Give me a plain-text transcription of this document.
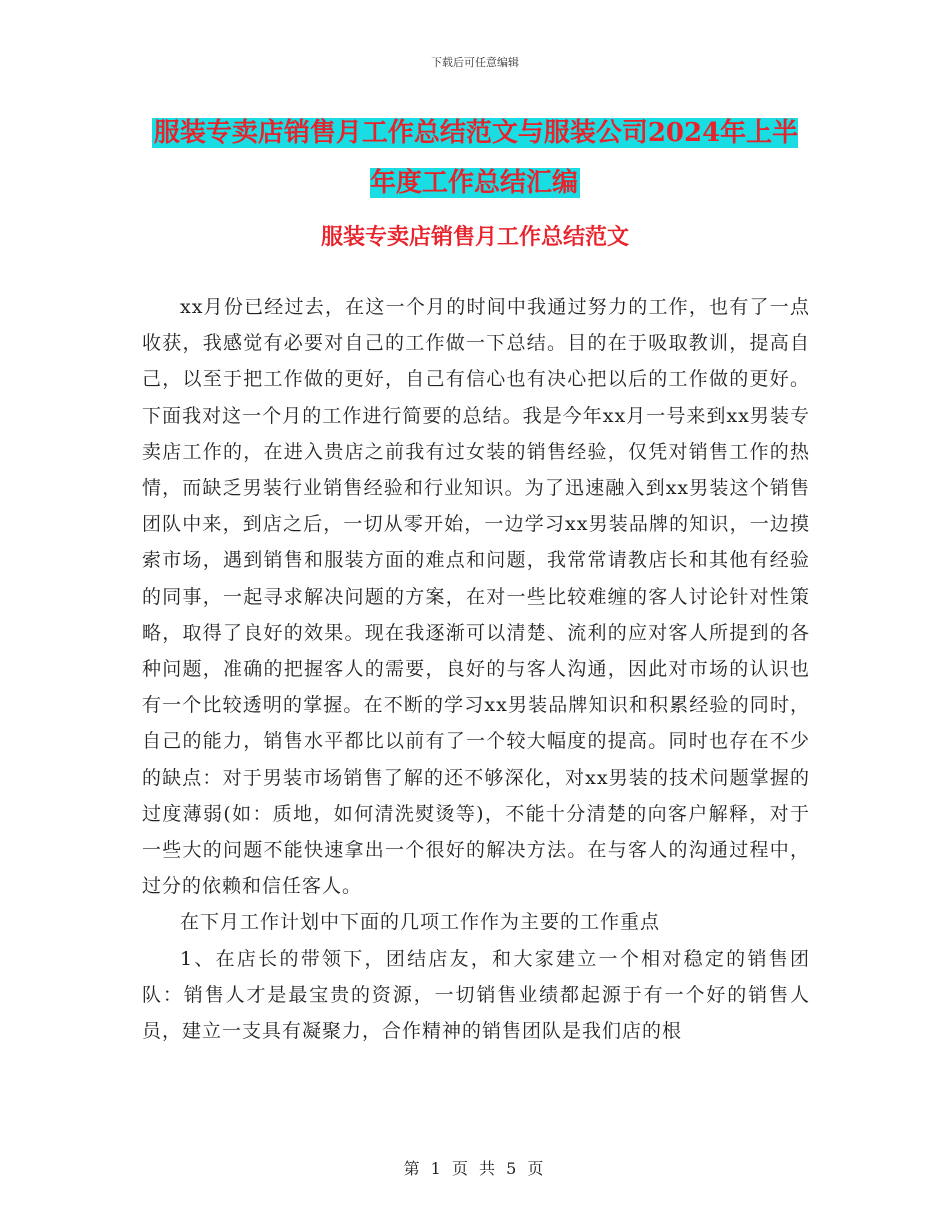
下载后可任意编辑
服装专卖店销售月工作总结范文与服装公司2024年上半年度工作总结汇编
服装专卖店销售月工作总结范文

xx月份已经过去，在这一个月的时间中我通过努力的工作，也有了一点收获，我感觉有必要对自己的工作做一下总结。目的在于吸取教训，提高自己，以至于把工作做的更好，自己有信心也有决心把以后的工作做的更好。下面我对这一个月的工作进行简要的总结。我是今年xx月一号来到xx男装专卖店工作的，在进入贵店之前我有过女装的销售经验，仅凭对销售工作的热情，而缺乏男装行业销售经验和行业知识。为了迅速融入到xx男装这个销售团队中来，到店之后，一切从零开始，一边学习xx男装品牌的知识，一边摸索市场，遇到销售和服装方面的难点和问题，我常常请教店长和其他有经验的同事，一起寻求解决问题的方案，在对一些比较难缠的客人讨论针对性策略，取得了良好的效果。现在我逐渐可以清楚、流利的应对客人所提到的各种问题，准确的把握客人的需要，良好的与客人沟通，因此对市场的认识也有一个比较透明的掌握。在不断的学习xx男装品牌知识和积累经验的同时，自己的能力，销售水平都比以前有了一个较大幅度的提高。同时也存在不少的缺点：对于男装市场销售了解的还不够深化，对xx男装的技术问题掌握的过度薄弱(如：质地，如何清洗熨烫等)，不能十分清楚的向客户解释，对于一些大的问题不能快速拿出一个很好的解决方法。在与客人的沟通过程中，过分的依赖和信任客人。

在下月工作计划中下面的几项工作作为主要的工作重点

1、在店长的带领下，团结店友，和大家建立一个相对稳定的销售团队：销售人才是最宝贵的资源，一切销售业绩都起源于有一个好的销售人员，建立一支具有凝聚力，合作精神的销售团队是我们店的根

第 1 页 共 5 页
